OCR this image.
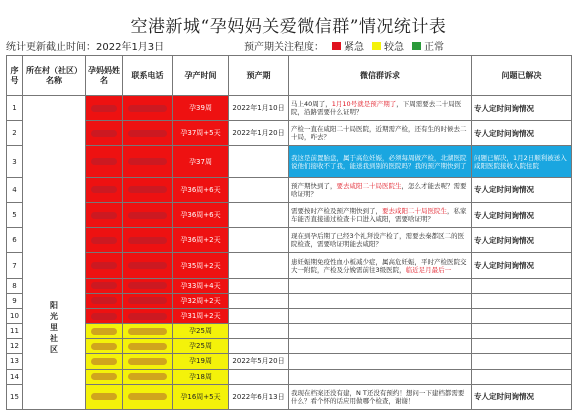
空港新城“孕妈妈关爱微信群”情况统计表
统计更新截止时间：2022年1月3日	预产期关注程度： 紧急 较急 正常
序号	所在村（社区）名称	孕妈妈姓名	联系电话	孕产时间	预产期	微信群诉求	问题已解决
1	阳光里社区			孕39周	2022年1月10日	马上40周了，1月10号就是预产期了，下周需要去二十局医院，沿路需要什么证明？	专人定时问询情况
2				孕37周+5天	2022年1月20日	产检一直在咸阳二十局医院，近期需产检，还有生的时候去二十局，咋去？	专人定时问询情况
3				孕37周		我这是前置胎盘，属于高危妊娠，必须每周做产检，北湖医院说他们接收不了我，能送我到别的医院吗？我的预产期快到了	问题已解决，1月2日顺利被送入咸阳医院接收入院住院
4				孕36周+6天		预产期快到了，要去咸阳二十局医院生，怎么才能去呢？需要啥证明？	专人定时问询情况
5				孕36周+6天		需要按时产检及预产期快到了，要去咸阳二十局医院生，私家车能否直接通过检查卡口进入咸阳，需要啥证明？	专人定时问询情况
6				孕36周+2天		现在到孕后期了已经3个礼拜没产检了，需要去秦都区二的医院检查，需要啥证明能去咸阳？	专人定时问询情况
7				孕35周+2天		患妊娠期免疫性血小板减少症，属高危妊娠，平时产检医院交大一附院，产检及分娩需前往3级医院，临近足月最后一	专人定时问询情况
8				孕33周+4天			
9				孕32周+2天			
10				孕31周+2天			
11				孕25周			
12				孕25周			
13				孕19周	2022年5月20日		
14				孕18周			
15				孕16周+5天	2022年6月13日	我现在档案还没有建，N T还没有预约！想问一下建档都需要什么？看个怀的话应用做哪个检查，谢谢！	专人定时问询情况
